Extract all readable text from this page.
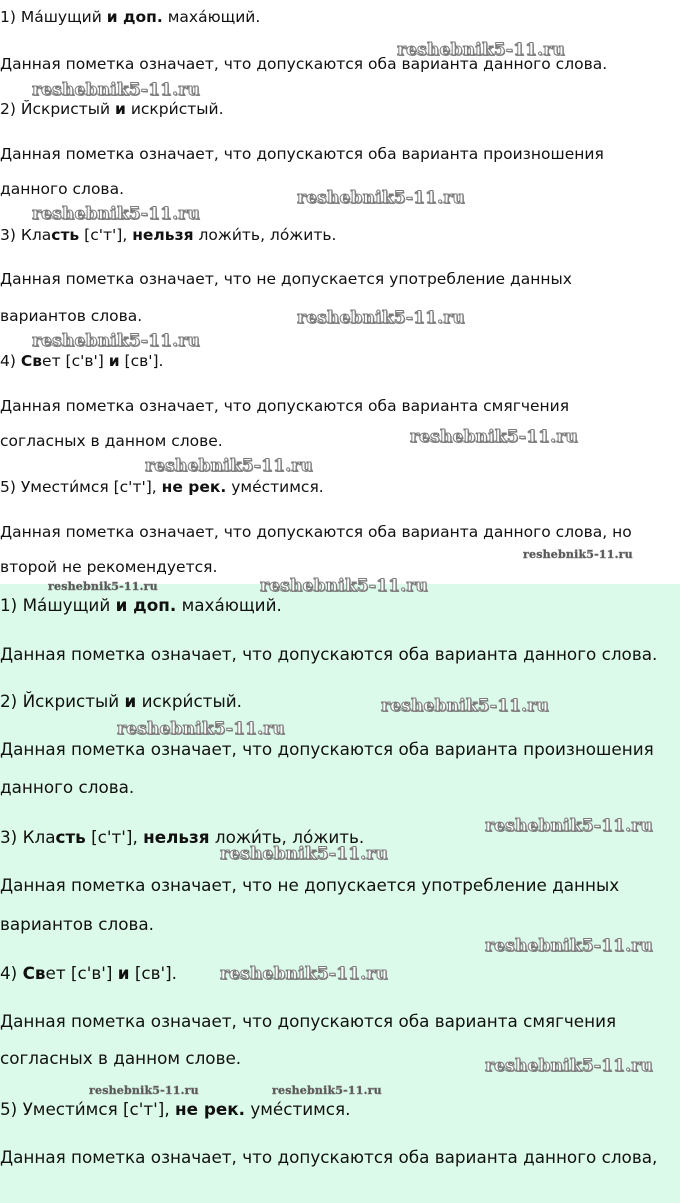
1) Ма́шущий и доп. маха́ющий.
Данная пометка означает, что допускаются оба варианта данного слова.
2) Йскристый и искри́стый.
Данная пометка означает, что допускаются оба варианта произношения
данного слова.
3) Класть [с'т'], нельзя ложи́ть, ло́жить.
Данная пометка означает, что не допускается употребление данных
вариантов слова.
4) Свет [с'в'] и [св'].
Данная пометка означает, что допускаются оба варианта смягчения
согласных в данном слове.
5) Умести́мся [с'т'], не рек. уме́стимся.
Данная пометка означает, что допускаются оба варианта данного слова, но
второй не рекомендуется.
reshebnik5-11.ru
reshebnik5-11.ru
reshebnik5-11.ru
reshebnik5-11.ru
reshebnik5-11.ru
reshebnik5-11.ru
reshebnik5-11.ru
reshebnik5-11.ru
reshebnik5-11.ru
1) Ма́шущий и доп. маха́ющий.
Данная пометка означает, что допускаются оба варианта данного слова.
2) Йскристый и искри́стый.
Данная пометка означает, что допускаются оба варианта произношения
данного слова.
3) Класть [с'т'], нельзя ложи́ть, ло́жить.
Данная пометка означает, что не допускается употребление данных
вариантов слова.
4) Свет [с'в'] и [св'].
Данная пометка означает, что допускаются оба варианта смягчения
согласных в данном слове.
5) Умести́мся [с'т'], не рек. уме́стимся.
Данная пометка означает, что допускаются оба варианта данного слова,
reshebnik5-11.ru	reshebnik5-11.ru
reshebnik5-11.ru
reshebnik5-11.ru
reshebnik5-11.ru
reshebnik5-11.ru
reshebnik5-11.ru
reshebnik5-11.ru
reshebnik5-11.ru
reshebnik5-11.ru	reshebnik5-11.ru
